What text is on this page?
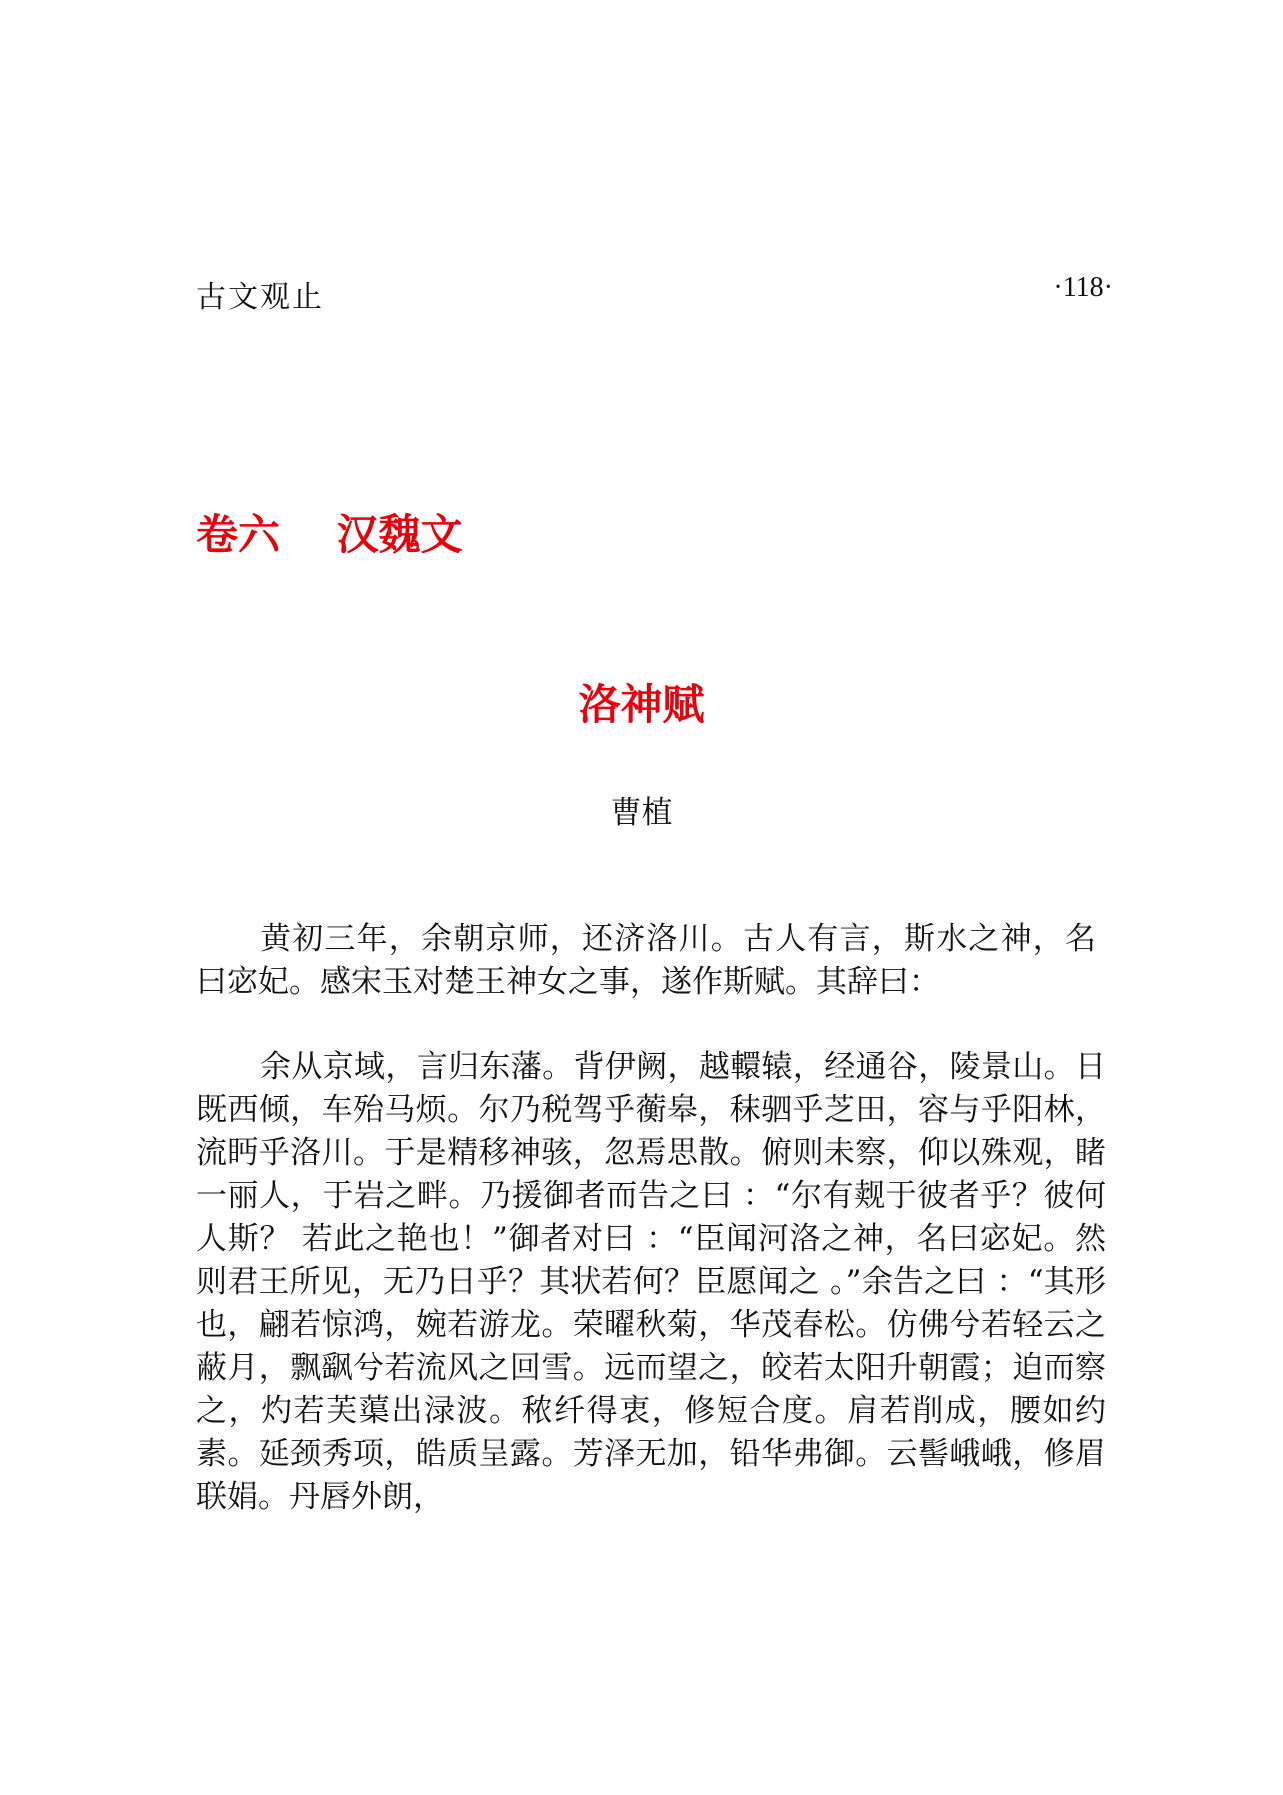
古文观止	·118·
卷六　 汉魏文
洛神赋
曹植

黄初三年，余朝京师，还济洛川。古人有言，斯水之神，名曰宓妃。感宋玉对楚王神女之事，遂作斯赋。其辞曰：

余从京域，言归东藩。背伊阙，越轘辕，经通谷，陵景山。日既西倾，车殆马烦。尔乃税驾乎蘅皋，秣驷乎芝田，容与乎阳林，流眄乎洛川。于是精移神骇，忽焉思散。俯则未察，仰以殊观，睹一丽人，于岩之畔。乃援御者而告之曰 ：“尔有觌于彼者乎？彼何人斯？ 若此之艳也！”御者对曰 ：“臣闻河洛之神，名曰宓妃。然则君王所见，无乃日乎？其状若何？臣愿闻之 。”余告之曰 ：“其形也，翩若惊鸿，婉若游龙。荣曜秋菊，华茂春松。仿佛兮若轻云之蔽月，飘飖兮若流风之回雪。远而望之，皎若太阳升朝霞；迫而察之，灼若芙蕖出渌波。秾纤得衷，修短合度。肩若削成，腰如约素。延颈秀项，皓质呈露。芳泽无加，铅华弗御。云髻峨峨，修眉联娟。丹唇外朗，
